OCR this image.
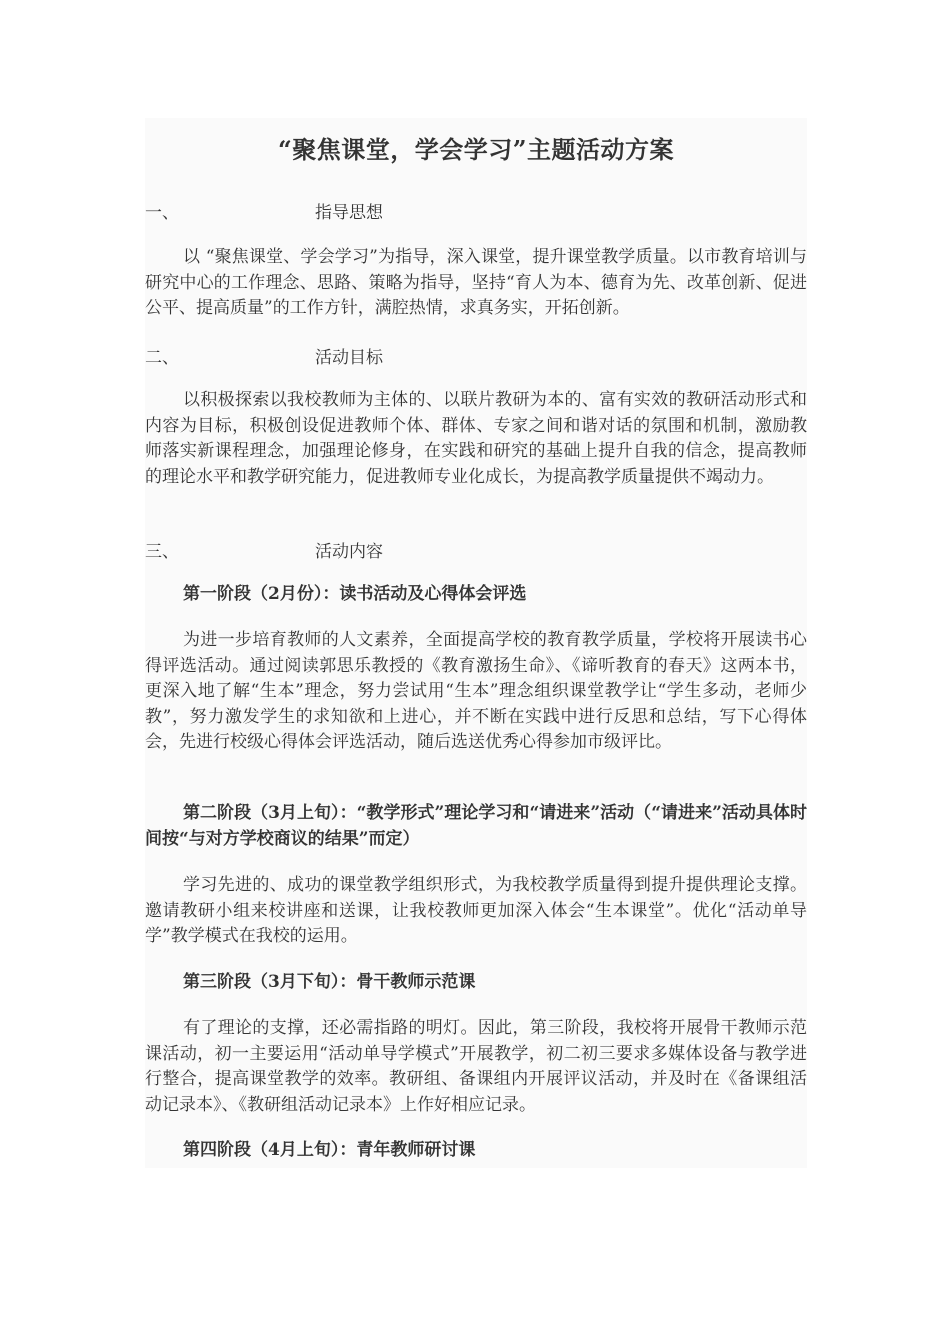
“聚焦课堂，学会学习”主题活动方案
一、	指导思想
以 “聚焦课堂、学会学习”为指导，深入课堂，提升课堂教学质量。以市教育培训与研究中心的工作理念、思路、策略为指导，坚持“育人为本、德育为先、改革创新、促进公平、提高质量”的工作方针，满腔热情，求真务实，开拓创新。
二、	活动目标
以积极探索以我校教师为主体的、以联片教研为本的、富有实效的教研活动形式和内容为目标，积极创设促进教师个体、群体、专家之间和谐对话的氛围和机制，激励教师落实新课程理念，加强理论修身，在实践和研究的基础上提升自我的信念，提高教师的理论水平和教学研究能力，促进教师专业化成长，为提高教学质量提供不竭动力。
三、	活动内容
第一阶段（2月份）：读书活动及心得体会评选
为进一步培育教师的人文素养，全面提高学校的教育教学质量，学校将开展读书心得评选活动。通过阅读郭思乐教授的《教育激扬生命》、《谛听教育的春天》这两本书，更深入地了解“生本”理念，努力尝试用“生本”理念组织课堂教学让“学生多动，老师少教”，努力激发学生的求知欲和上进心，并不断在实践中进行反思和总结，写下心得体会，先进行校级心得体会评选活动，随后选送优秀心得参加市级评比。
第二阶段（3月上旬）：“教学形式”理论学习和“请进来”活动（“请进来”活动具体时间按“与对方学校商议的结果”而定）
学习先进的、成功的课堂教学组织形式，为我校教学质量得到提升提供理论支撑。邀请教研小组来校讲座和送课，让我校教师更加深入体会“生本课堂”。优化“活动单导学”教学模式在我校的运用。
第三阶段（3月下旬）：骨干教师示范课
有了理论的支撑，还必需指路的明灯。因此，第三阶段，我校将开展骨干教师示范课活动，初一主要运用“活动单导学模式”开展教学，初二初三要求多媒体设备与教学进行整合，提高课堂教学的效率。教研组、备课组内开展评议活动，并及时在《备课组活动记录本》、《教研组活动记录本》上作好相应记录。
第四阶段（4月上旬）：青年教师研讨课
